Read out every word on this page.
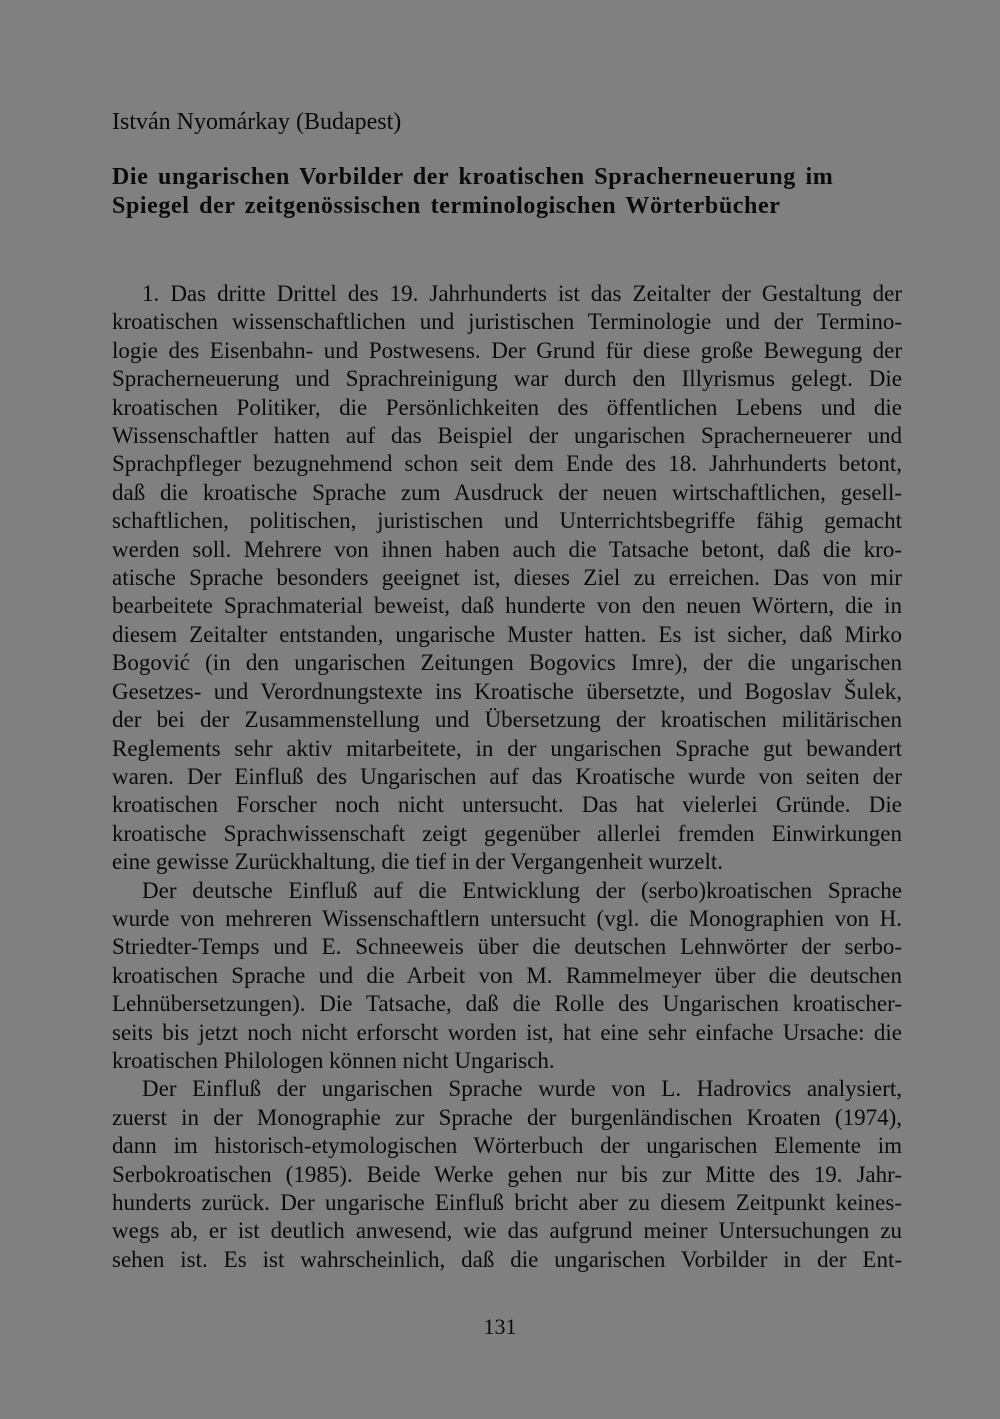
István Nyomárkay (Budapest)
Die ungarischen Vorbilder der kroatischen Spracherneuerung im
Spiegel der zeitgenössischen terminologischen Wörterbücher
1. Das dritte Drittel des 19. Jahrhunderts ist das Zeitalter der Gestaltung der
kroatischen wissenschaftlichen und juristischen Terminologie und der Termino-
logie des Eisenbahn- und Postwesens. Der Grund für diese große Bewegung der
Spracherneuerung und Sprachreinigung war durch den Illyrismus gelegt. Die
kroatischen Politiker, die Persönlichkeiten des öffentlichen Lebens und die
Wissenschaftler hatten auf das Beispiel der ungarischen Spracherneuerer und
Sprachpfleger bezugnehmend schon seit dem Ende des 18. Jahrhunderts betont,
daß die kroatische Sprache zum Ausdruck der neuen wirtschaftlichen, gesell-
schaftlichen, politischen, juristischen und Unterrichtsbegriffe fähig gemacht
werden soll. Mehrere von ihnen haben auch die Tatsache betont, daß die kro-
atische Sprache besonders geeignet ist, dieses Ziel zu erreichen. Das von mir
bearbeitete Sprachmaterial beweist, daß hunderte von den neuen Wörtern, die in
diesem Zeitalter entstanden, ungarische Muster hatten. Es ist sicher, daß Mirko
Bogović (in den ungarischen Zeitungen Bogovics Imre), der die ungarischen
Gesetzes- und Verordnungstexte ins Kroatische übersetzte, und Bogoslav Šulek,
der bei der Zusammenstellung und Übersetzung der kroatischen militärischen
Reglements sehr aktiv mitarbeitete, in der ungarischen Sprache gut bewandert
waren. Der Einfluß des Ungarischen auf das Kroatische wurde von seiten der
kroatischen Forscher noch nicht untersucht. Das hat vielerlei Gründe. Die
kroatische Sprachwissenschaft zeigt gegenüber allerlei fremden Einwirkungen
eine gewisse Zurückhaltung, die tief in der Vergangenheit wurzelt.
Der deutsche Einfluß auf die Entwicklung der (serbo)kroatischen Sprache
wurde von mehreren Wissenschaftlern untersucht (vgl. die Monographien von H.
Striedter-Temps und E. Schneeweis über die deutschen Lehnwörter der serbo-
kroatischen Sprache und die Arbeit von M. Rammelmeyer über die deutschen
Lehnübersetzungen). Die Tatsache, daß die Rolle des Ungarischen kroatischer-
seits bis jetzt noch nicht erforscht worden ist, hat eine sehr einfache Ursache: die
kroatischen Philologen können nicht Ungarisch.
Der Einfluß der ungarischen Sprache wurde von L. Hadrovics analysiert,
zuerst in der Monographie zur Sprache der burgenländischen Kroaten (1974),
dann im historisch-etymologischen Wörterbuch der ungarischen Elemente im
Serbokroatischen (1985). Beide Werke gehen nur bis zur Mitte des 19. Jahr-
hunderts zurück. Der ungarische Einfluß bricht aber zu diesem Zeitpunkt keines-
wegs ab, er ist deutlich anwesend, wie das aufgrund meiner Untersuchungen zu
sehen ist. Es ist wahrscheinlich, daß die ungarischen Vorbilder in der Ent-
131
